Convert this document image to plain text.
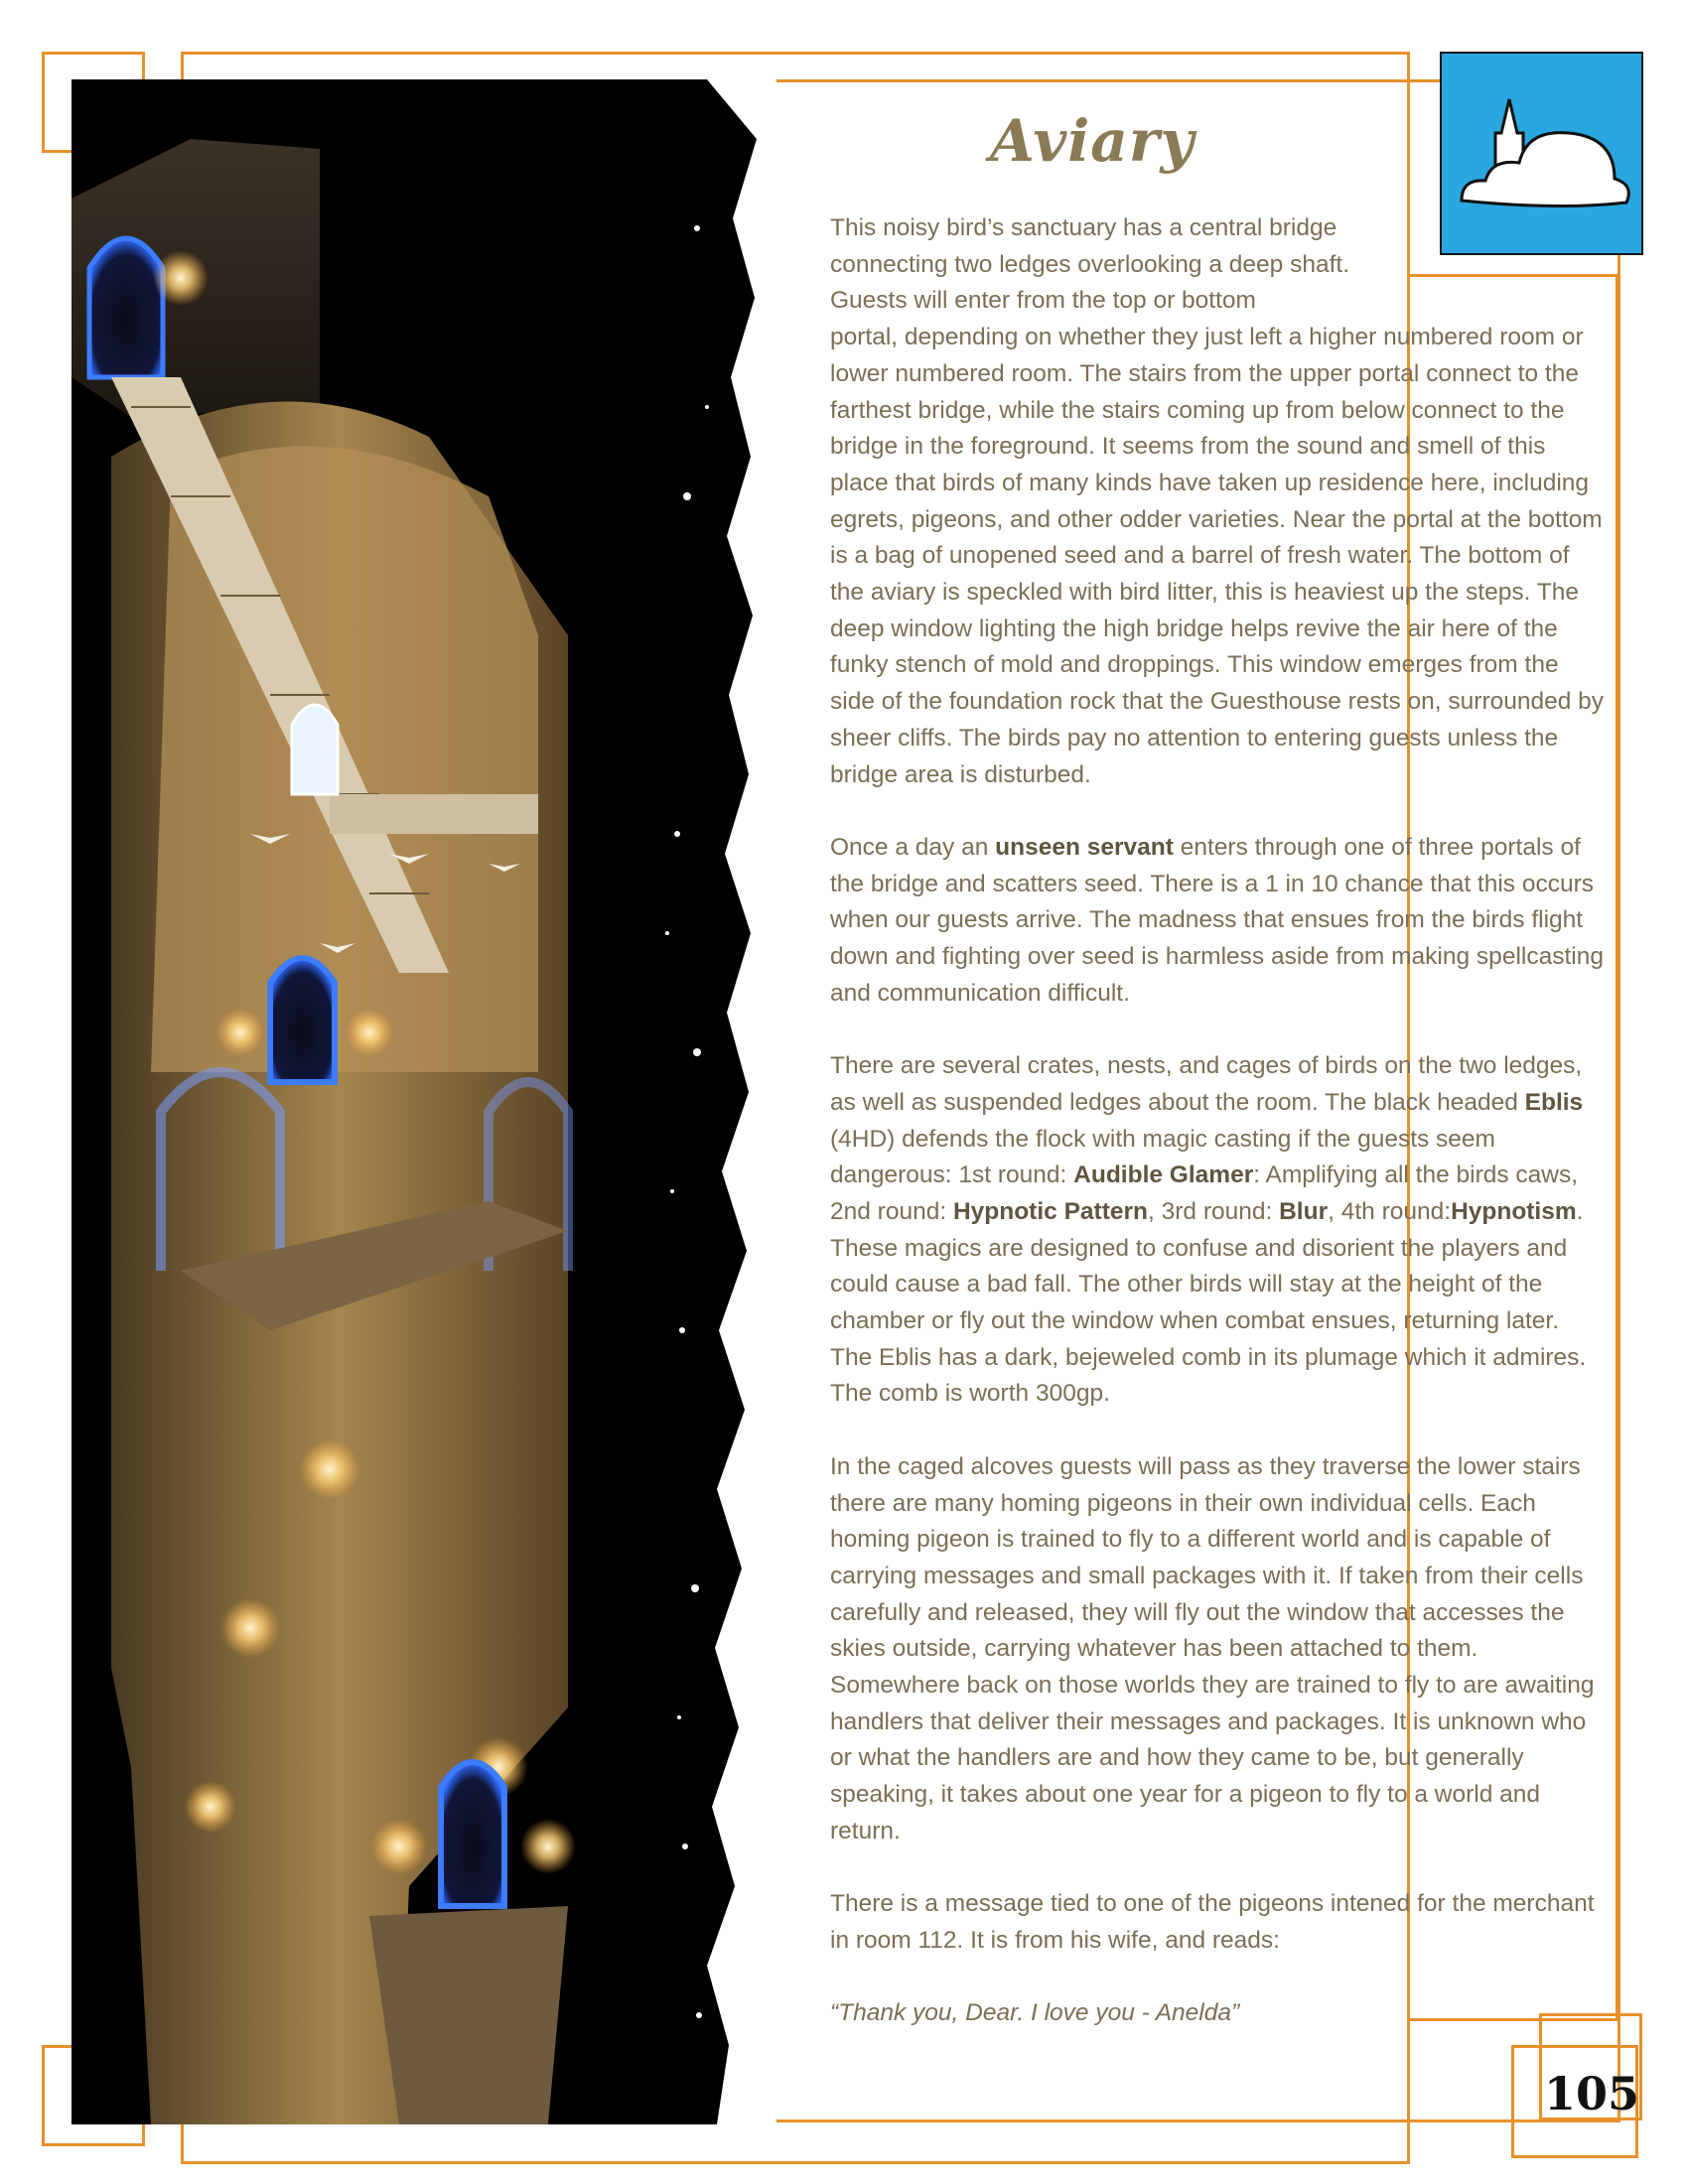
Aviary

This noisy bird’s sanctuary has a central bridge connecting two ledges overlooking a deep shaft. Guests will enter from the top or bottom

portal, depending on whether they just left a higher numbered room or lower numbered room. The stairs from the upper portal connect to the farthest bridge, while the stairs coming up from below connect to the bridge in the foreground. It seems from the sound and smell of this place that birds of many kinds have taken up residence here, including egrets, pigeons, and other odder varieties. Near the portal at the bottom is a bag of unopened seed and a barrel of fresh water. The bottom of the aviary is speckled with bird litter, this is heaviest up the steps. The deep window lighting the high bridge helps revive the air here of the funky stench of mold and droppings. This window emerges from the side of the foundation rock that the Guesthouse rests on, surrounded by sheer cliffs. The birds pay no attention to entering guests unless the bridge area is disturbed.

Once a day an unseen servant enters through one of three portals of the bridge and scatters seed. There is a 1 in 10 chance that this occurs when our guests arrive. The madness that ensues from the birds flight down and fighting over seed is harmless aside from making spellcasting and communication difficult.

There are several crates, nests, and cages of birds on the two ledges, as well as suspended ledges about the room. The black headed Eblis (4HD) defends the flock with magic casting if the guests seem dangerous: 1st round: Audible Glamer: Amplifying all the birds caws, 2nd round: Hypnotic Pattern, 3rd round: Blur, 4th round:Hypnotism. These magics are designed to confuse and disorient the players and could cause a bad fall. The other birds will stay at the height of the chamber or fly out the window when combat ensues, returning later. The Eblis has a dark, bejeweled comb in its plumage which it admires. The comb is worth 300gp.

In the caged alcoves guests will pass as they traverse the lower stairs there are many homing pigeons in their own individual cells. Each homing pigeon is trained to fly to a different world and is capable of carrying messages and small packages with it. If taken from their cells carefully and released, they will fly out the window that accesses the skies outside, carrying whatever has been attached to them. Somewhere back on those worlds they are trained to fly to are awaiting handlers that deliver their messages and packages. It is unknown who or what the handlers are and how they came to be, but generally speaking, it takes about one year for a pigeon to fly to a world and return.

There is a message tied to one of the pigeons intened for the merchant in room 112. It is from his wife, and reads:

“Thank you, Dear. I love you - Anelda”

105
